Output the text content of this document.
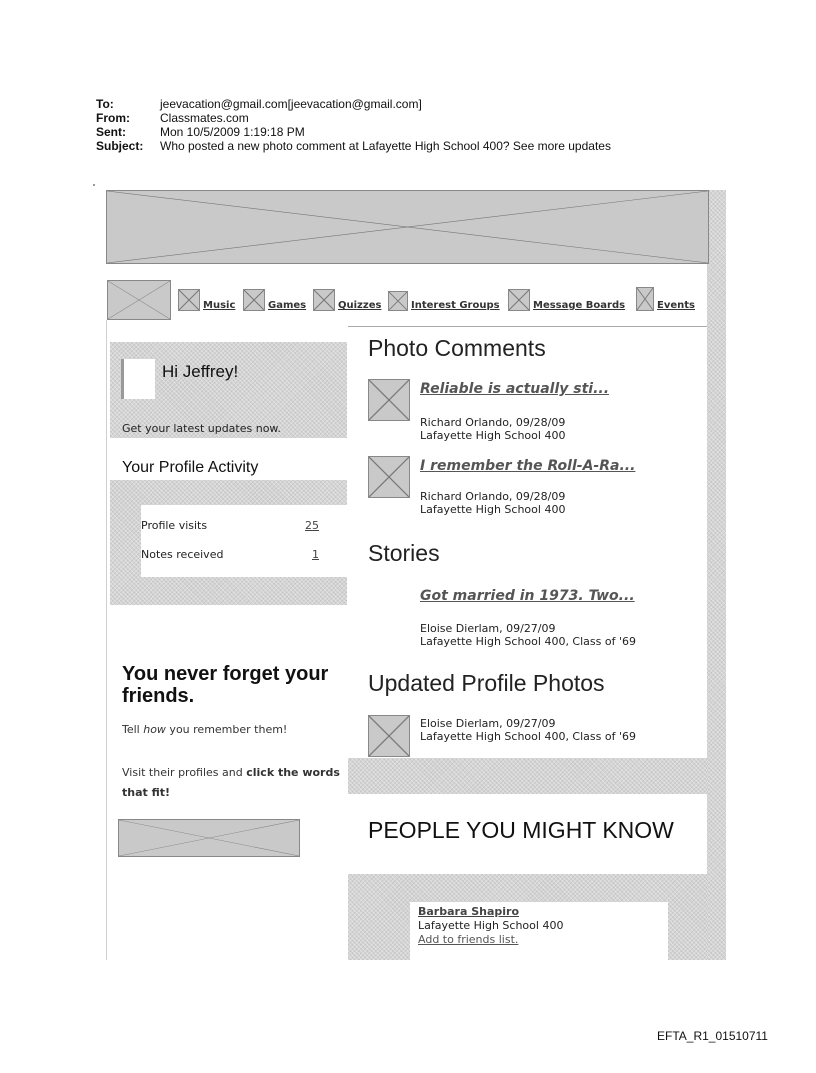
To:	jeevacation@gmail.com[jeevacation@gmail.com]
From:	Classmates.com
Sent:	Mon 10/5/2009 1:19:18 PM
Subject:	Who posted a new photo comment at Lafayette High School 400? See more updates
Music	Games	Quizzes	Interest Groups	Message Boards	Events
Hi Jeffrey!
Get your latest updates now.
Your Profile Activity
Profile visits	25
Notes received	1
You never forget your friends.
Tell how you remember them!
Visit their profiles and click the words that fit!
Photo Comments
Reliable is actually sti...
Richard Orlando, 09/28/09
Lafayette High School 400
I remember the Roll-A-Ra...
Richard Orlando, 09/28/09
Lafayette High School 400
Stories
Got married in 1973. Two...
Eloise Dierlam, 09/27/09
Lafayette High School 400, Class of '69
Updated Profile Photos
Eloise Dierlam, 09/27/09
Lafayette High School 400, Class of '69
PEOPLE YOU MIGHT KNOW
Barbara Shapiro
Lafayette High School 400
Add to friends list.
EFTA_R1_01510711
